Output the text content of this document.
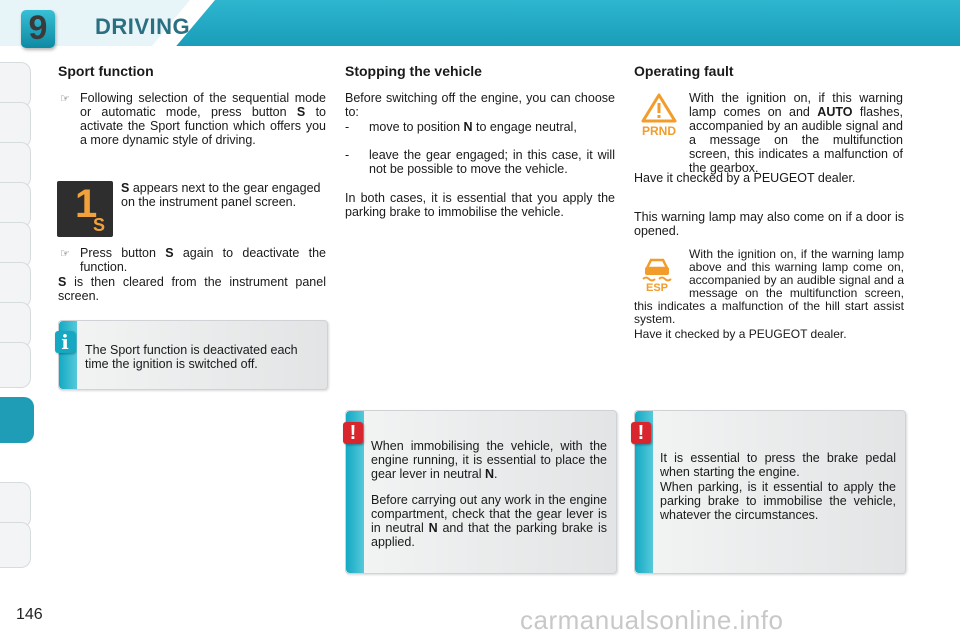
9	DRIVING
Sport function
☞ Following selection of the sequential mode or automatic mode, press button S to activate the Sport function which offers you a more dynamic style of driving.
1
S
S appears next to the gear engaged on the instrument panel screen.
☞ Press button S again to deactivate the function.
S is then cleared from the instrument panel screen.
The Sport function is deactivated each time the ignition is switched off.
i
Stopping the vehicle
Before switching off the engine, you can choose to:
- move to position N to engage neutral,
- leave the gear engaged; in this case, it will not be possible to move the vehicle.
In both cases, it is essential that you apply the parking brake to immobilise the vehicle.
When immobilising the vehicle, with the engine running, it is essential to place the gear lever in neutral N.
Before carrying out any work in the engine compartment, check that the gear lever is in neutral N and that the parking brake is applied.
!
Operating fault
PRND
With the ignition on, if this warning lamp comes on and AUTO flashes, accompanied by an audible signal and a message on the multifunction screen, this indicates a malfunction of the gearbox.
Have it checked by a PEUGEOT dealer.
This warning lamp may also come on if a door is opened.
ESP
With the ignition on, if the warning lamp above and this warning lamp come on, accompanied by an audible signal and a message on the multifunction screen, this indicates a malfunction of the hill start assist system.
Have it checked by a PEUGEOT dealer.
It is essential to press the brake pedal when starting the engine.
When parking, is it essential to apply the parking brake to immobilise the vehicle, whatever the circumstances.
!
146	carmanualsonline.info
